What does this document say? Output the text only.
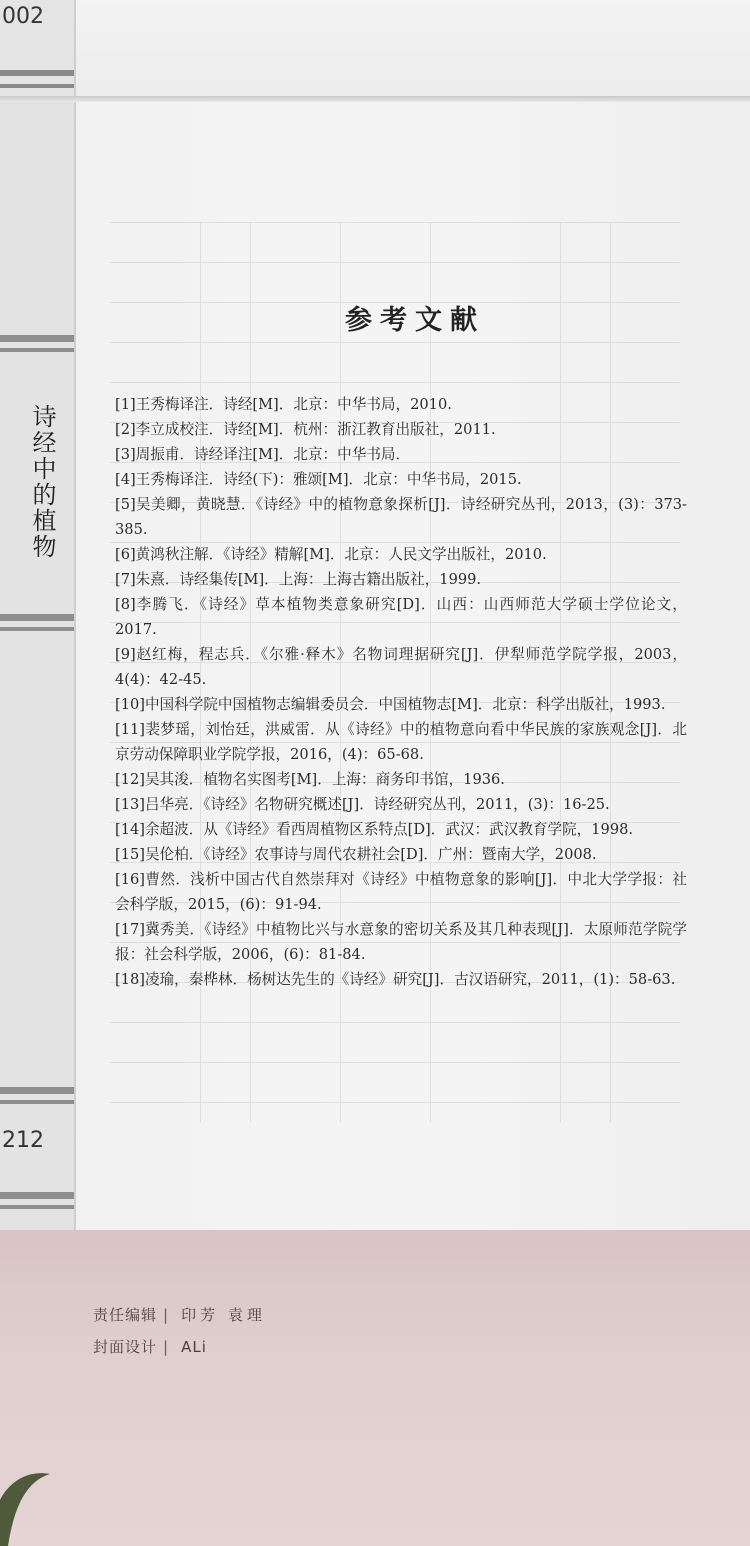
002
诗经中的植物
212
参考文献
[1]王秀梅译注．诗经[M]．北京：中华书局，2010.
[2]李立成校注．诗经[M]．杭州：浙江教育出版社，2011.
[3]周振甫．诗经译注[M]．北京：中华书局．
[4]王秀梅译注．诗经(下)：雅颂[M]．北京：中华书局，2015.
[5]吴美卿，黄晓慧．《诗经》中的植物意象探析[J]．诗经研究丛刊，2013，(3)：373-385.
[6]黄鸿秋注解．《诗经》精解[M]．北京：人民文学出版社，2010.
[7]朱熹．诗经集传[M]．上海：上海古籍出版社，1999.
[8]李腾飞．《诗经》草本植物类意象研究[D]．山西：山西师范大学硕士学位论文，2017.
[9]赵红梅，程志兵．《尔雅·释木》名物词理据研究[J]．伊犁师范学院学报，2003，4(4)：42-45.
[10]中国科学院中国植物志编辑委员会．中国植物志[M]．北京：科学出版社，1993.
[11]裴梦瑶，刘怡廷，洪威雷．从《诗经》中的植物意向看中华民族的家族观念[J]．北京劳动保障职业学院学报，2016，(4)：65-68.
[12]吴其浚．植物名实图考[M]．上海：商务印书馆，1936.
[13]吕华亮．《诗经》名物研究概述[J]．诗经研究丛刊，2011，(3)：16-25.
[14]余超波．从《诗经》看西周植物区系特点[D]．武汉：武汉教育学院，1998.
[15]吴伦柏．《诗经》农事诗与周代农耕社会[D]．广州：暨南大学，2008.
[16]曹然．浅析中国古代自然崇拜对《诗经》中植物意象的影响[J]．中北大学学报：社会科学版，2015，(6)：91-94.
[17]冀秀美．《诗经》中植物比兴与水意象的密切关系及其几种表现[J]．太原师范学院学报：社会科学版，2006，(6)：81-84.
[18]凌瑜，秦桦林．杨树达先生的《诗经》研究[J]．古汉语研究，2011，(1)：58-63.
责任编辑 | 印芳 袁理
封面设计 | ALi
